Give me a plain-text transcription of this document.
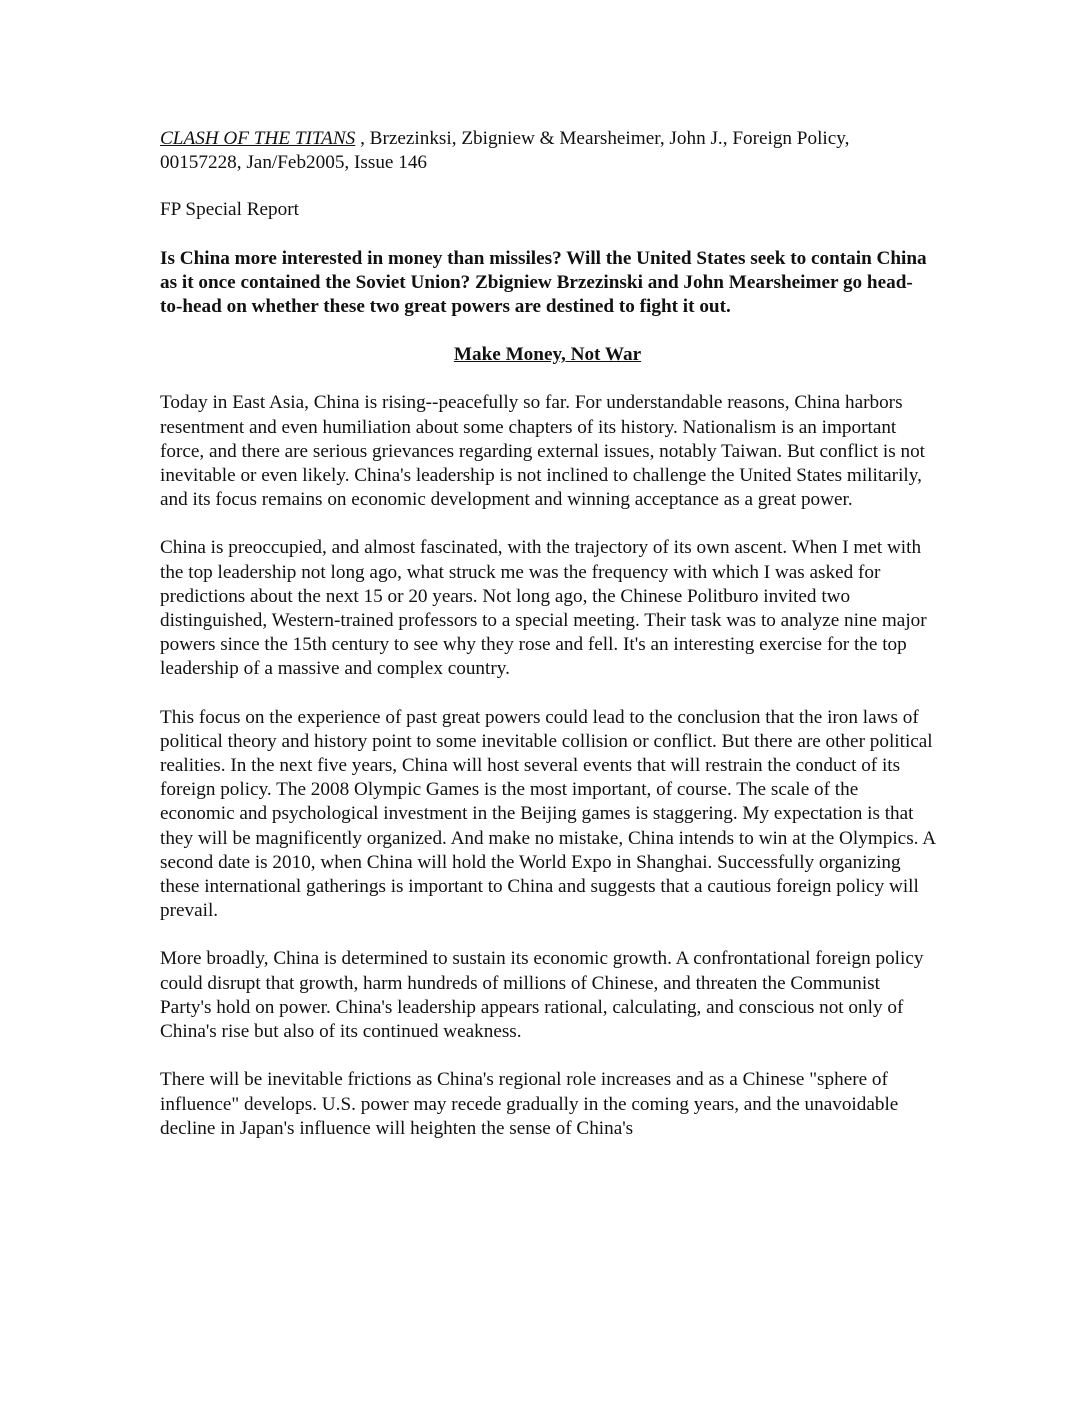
CLASH OF THE TITANS , Brzezinksi, Zbigniew & Mearsheimer, John J., Foreign Policy, 00157228, Jan/Feb2005, Issue 146

FP Special Report

Is China more interested in money than missiles? Will the United States seek to contain China as it once contained the Soviet Union? Zbigniew Brzezinski and John Mearsheimer go head-to-head on whether these two great powers are destined to fight it out.

Make Money, Not War

Today in East Asia, China is rising--peacefully so far. For understandable reasons, China harbors resentment and even humiliation about some chapters of its history. Nationalism is an important force, and there are serious grievances regarding external issues, notably Taiwan. But conflict is not inevitable or even likely. China's leadership is not inclined to challenge the United States militarily, and its focus remains on economic development and winning acceptance as a great power.

China is preoccupied, and almost fascinated, with the trajectory of its own ascent. When I met with the top leadership not long ago, what struck me was the frequency with which I was asked for predictions about the next 15 or 20 years. Not long ago, the Chinese Politburo invited two distinguished, Western-trained professors to a special meeting. Their task was to analyze nine major powers since the 15th century to see why they rose and fell. It's an interesting exercise for the top leadership of a massive and complex country.

This focus on the experience of past great powers could lead to the conclusion that the iron laws of political theory and history point to some inevitable collision or conflict. But there are other political realities. In the next five years, China will host several events that will restrain the conduct of its foreign policy. The 2008 Olympic Games is the most important, of course. The scale of the economic and psychological investment in the Beijing games is staggering. My expectation is that they will be magnificently organized. And make no mistake, China intends to win at the Olympics. A second date is 2010, when China will hold the World Expo in Shanghai. Successfully organizing these international gatherings is important to China and suggests that a cautious foreign policy will prevail.

More broadly, China is determined to sustain its economic growth. A confrontational foreign policy could disrupt that growth, harm hundreds of millions of Chinese, and threaten the Communist Party's hold on power. China's leadership appears rational, calculating, and conscious not only of China's rise but also of its continued weakness.

There will be inevitable frictions as China's regional role increases and as a Chinese "sphere of influence" develops. U.S. power may recede gradually in the coming years, and the unavoidable decline in Japan's influence will heighten the sense of China's
